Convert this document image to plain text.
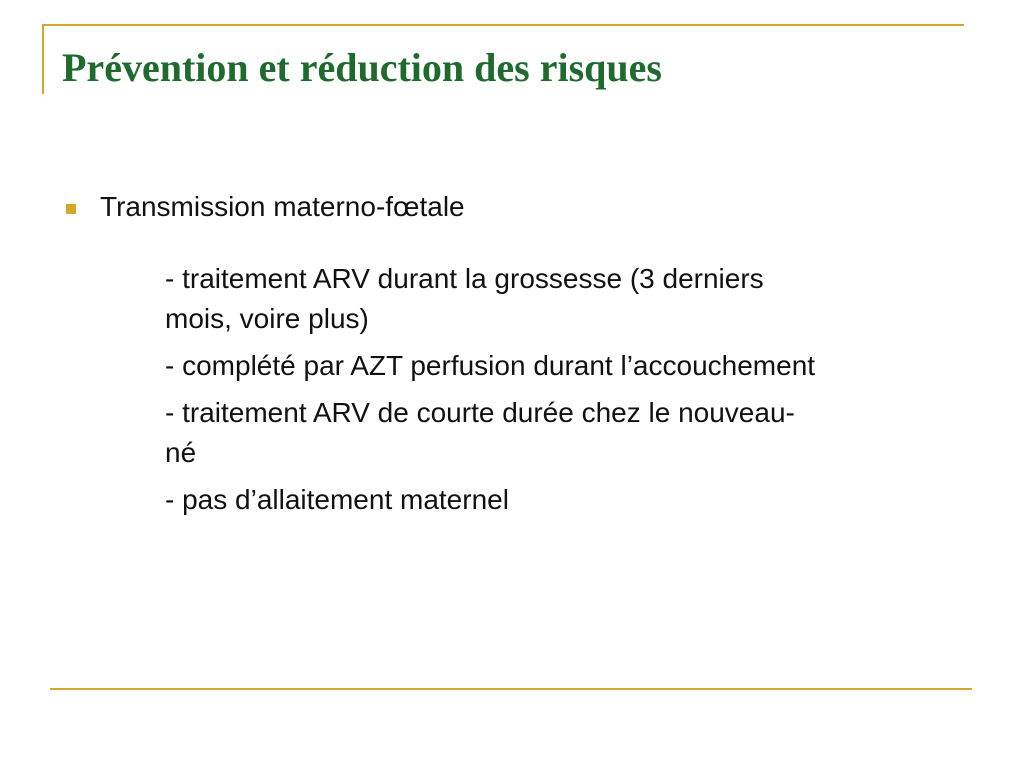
Prévention et réduction des risques
Transmission materno-fœtale
- traitement ARV durant la grossesse (3 derniers
mois, voire plus)
- complété par AZT perfusion durant l’accouchement
- traitement ARV de courte durée chez le nouveau-
né
- pas d’allaitement maternel
